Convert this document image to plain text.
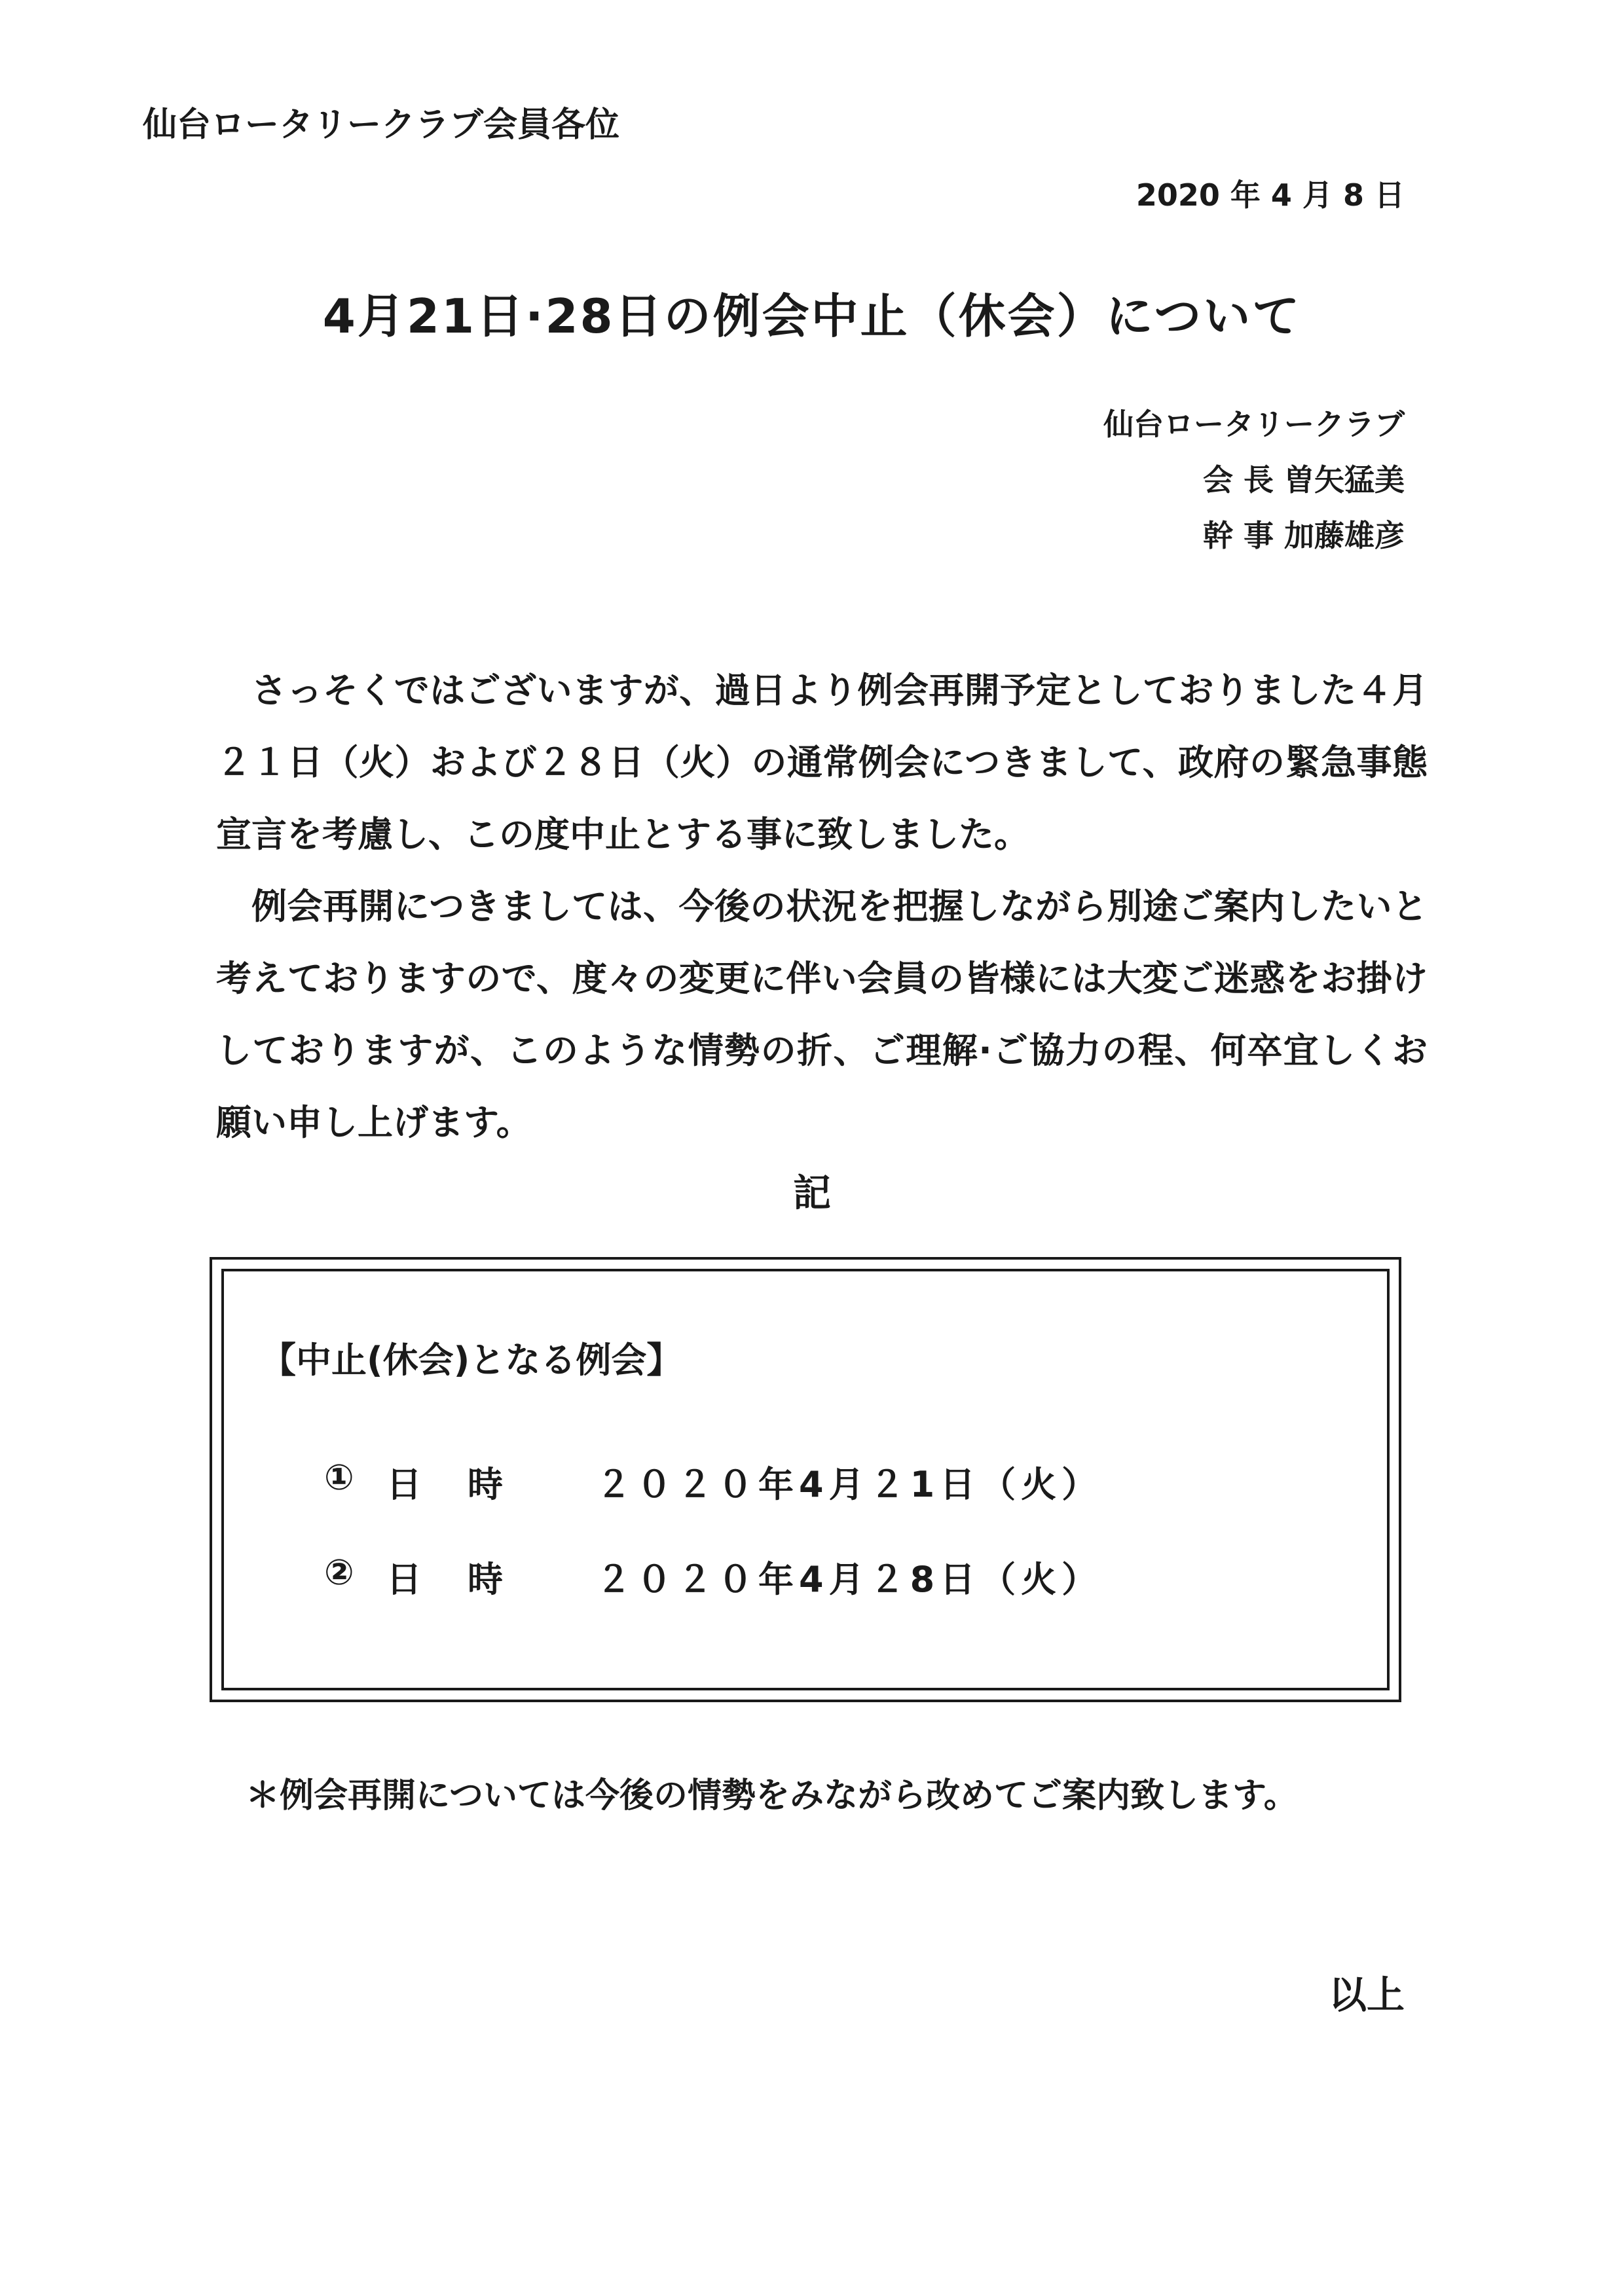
仙台ロータリークラブ会員各位
2020 年 4 月 8 日
4月21日·28日の例会中止（休会）について
仙台ロータリークラブ
会 長 曽矢猛美
幹 事 加藤雄彦

さっそくではございますが、過日より例会再開予定としておりました４月２１日（火）および２８日（火）の通常例会につきまして、政府の緊急事態宣言を考慮し、この度中止とする事に致しました。

例会再開につきましては、今後の状況を把握しながら別途ご案内したいと考えておりますので、度々の変更に伴い会員の皆様には大変ご迷惑をお掛けしておりますが、このような情勢の折、ご理解·ご協力の程、何卒宜しくお願い申し上げます。

記
【中止(休会)となる例会】
① 日時 ２０２０年4月２1日（火）
② 日時 ２０２０年4月２8日（火）
＊例会再開については今後の情勢をみながら改めてご案内致します。
以上
